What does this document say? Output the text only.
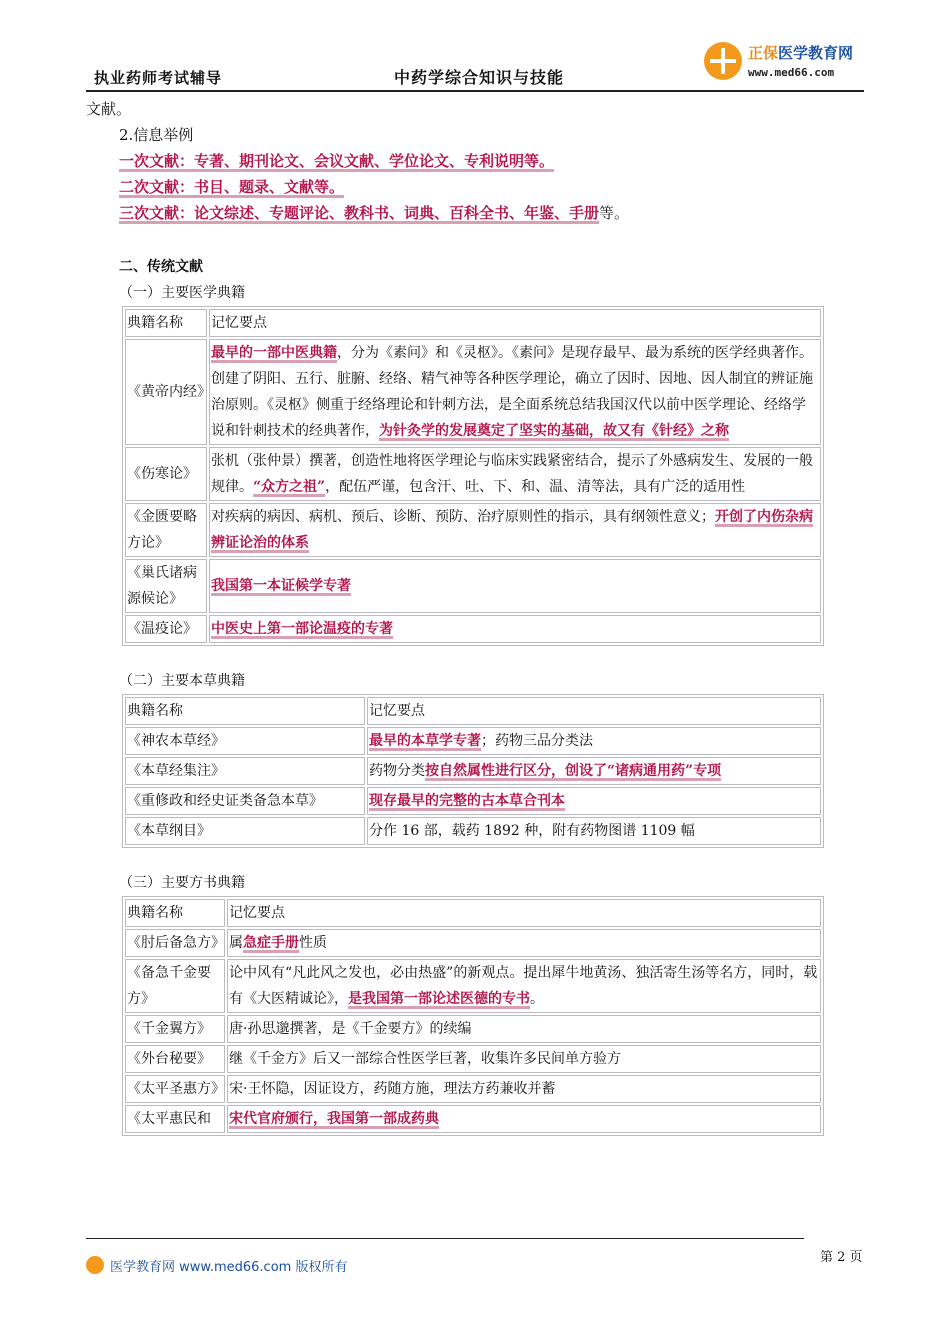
执业药师考试辅导	中药学综合知识与技能
正保医学教育网
www.med66.com

文献。

2.信息举例

一次文献：专著、期刊论文、会议文献、学位论文、专利说明等。

二次文献：书目、题录、文献等。

三次文献：论文综述、专题评论、教科书、词典、百科全书、年鉴、手册等。

二、传统文献

（一）主要医学典籍

典籍名称	记忆要点
《黄帝内经》	最早的一部中医典籍，分为《素问》和《灵枢》。《素问》是现存最早、最为系统的医学经典著作。创建了阴阳、五行、脏腑、经络、精气神等各种医学理论，确立了因时、因地、因人制宜的辨证施治原则。《灵枢》侧重于经络理论和针刺方法，是全面系统总结我国汉代以前中医学理论、经络学说和针刺技术的经典著作，为针灸学的发展奠定了坚实的基础，故又有《针经》之称
《伤寒论》	张机（张仲景）撰著，创造性地将医学理论与临床实践紧密结合，提示了外感病发生、发展的一般规律。“众方之祖”，配伍严谨，包含汗、吐、下、和、温、清等法，具有广泛的适用性
《金匮要略方论》	对疾病的病因、病机、预后、诊断、预防、治疗原则性的指示，具有纲领性意义；开创了内伤杂病辨证论治的体系
《巢氏诸病源候论》	我国第一本证候学专著
《温疫论》	中医史上第一部论温疫的专著

（二）主要本草典籍

典籍名称	记忆要点
《神农本草经》	最早的本草学专著；药物三品分类法
《本草经集注》	药物分类按自然属性进行区分，创设了“诸病通用药”专项
《重修政和经史证类备急本草》	现存最早的完整的古本草合刊本
《本草纲目》	分作 16 部，载药 1892 种，附有药物图谱 1109 幅

（三）主要方书典籍

典籍名称	记忆要点
《肘后备急方》	属急症手册性质
《备急千金要方》	论中风有“凡此风之发也，必由热盛”的新观点。提出犀牛地黄汤、独活寄生汤等名方，同时，载有《大医精诚论》，是我国第一部论述医德的专书。
《千金翼方》	唐·孙思邈撰著，是《千金要方》的续编
《外台秘要》	继《千金方》后又一部综合性医学巨著，收集许多民间单方验方
《太平圣惠方》	宋·王怀隐，因证设方，药随方施，理法方药兼收并蓄
《太平惠民和	宋代官府颁行，我国第一部成药典
医学教育网 www.med66.com 版权所有
第 2 页
